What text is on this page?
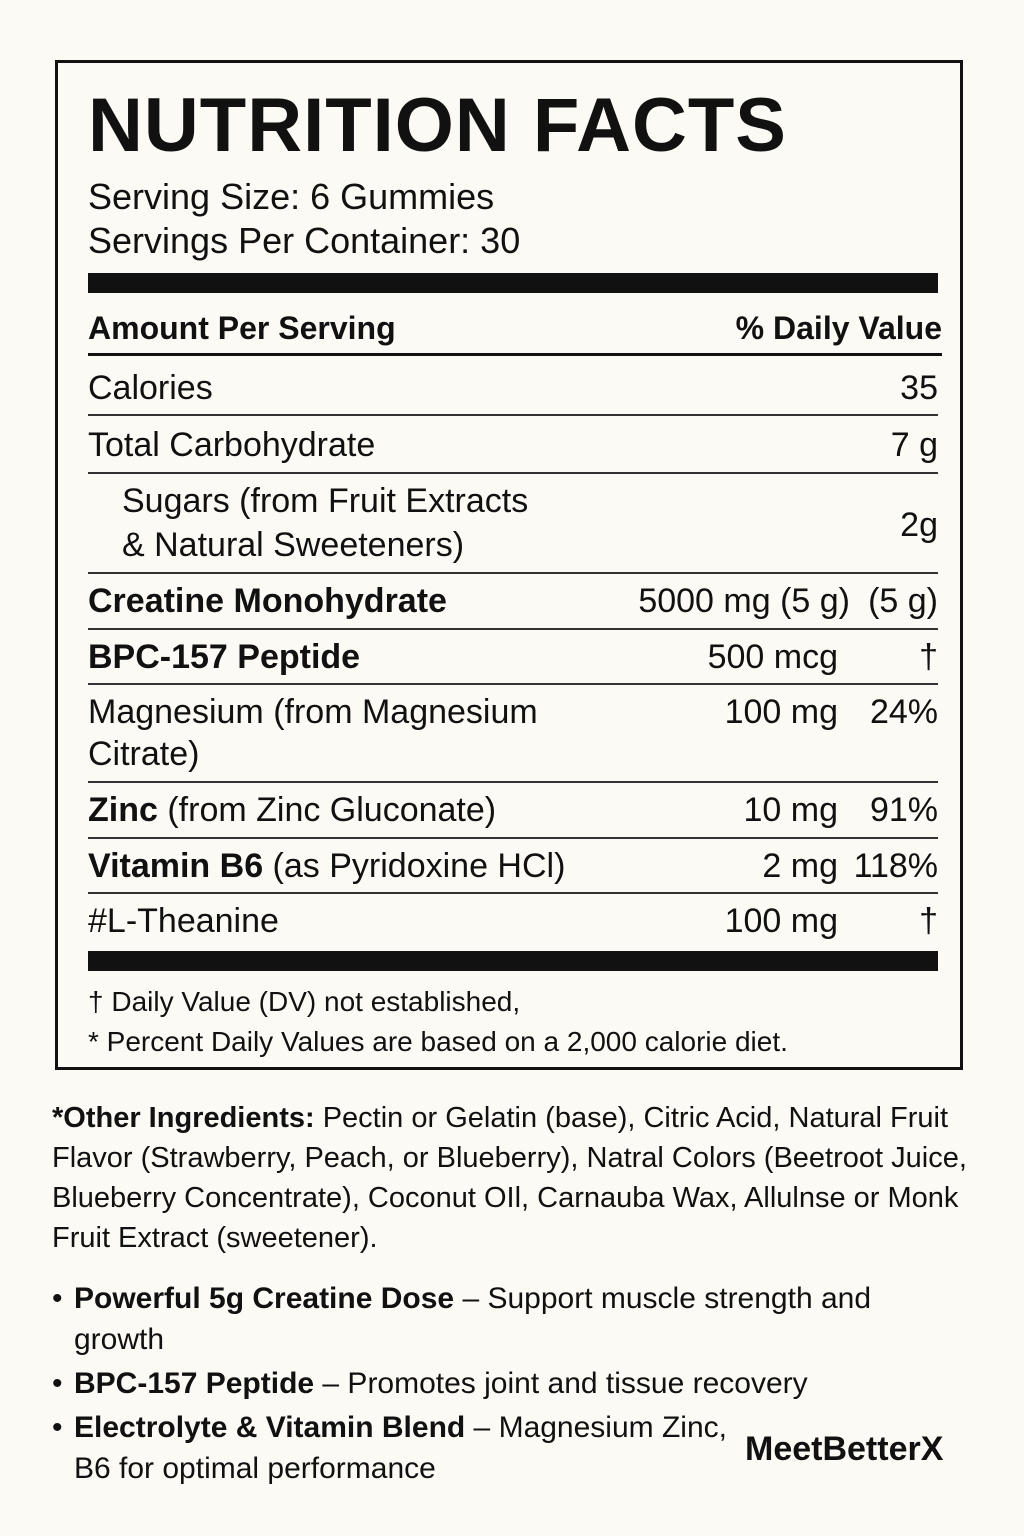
NUTRITION FACTS
Serving Size: 6 Gummies
Servings Per Container: 30
Amount Per Serving	% Daily Value
Calories	35
Total Carbohydrate	7 g
Sugars (from Fruit Extracts
& Natural Sweeteners)
2g
Creatine Monohydrate	5000 mg (5 g) (5 g)
BPC-157 Peptide	500 mcg †
Magnesium (from Magnesium
Citrate)
100 mg 24%
Zinc (from Zinc Gluconate)	10 mg 91%
Vitamin B6 (as Pyridoxine HCl)	2 mg 118%
#L-Theanine	100 mg †
† Daily Value (DV) not established,
* Percent Daily Values are based on a 2,000 calorie diet.
*Other Ingredients: Pectin or Gelatin (base), Citric Acid, Natural Fruit Flavor (Strawberry, Peach, or Blueberry), Natral Colors (Beetroot Juice, Blueberry Concentrate), Coconut OIl, Carnauba Wax, Allulnse or Monk Fruit Extract (sweetener).
• Powerful 5g Creatine Dose – Support muscle strength and growth
• BPC-157 Peptide – Promotes joint and tissue recovery
• Electrolyte & Vitamin Blend – Magnesium Zinc, B6 for optimal performance
MeetBetterX
